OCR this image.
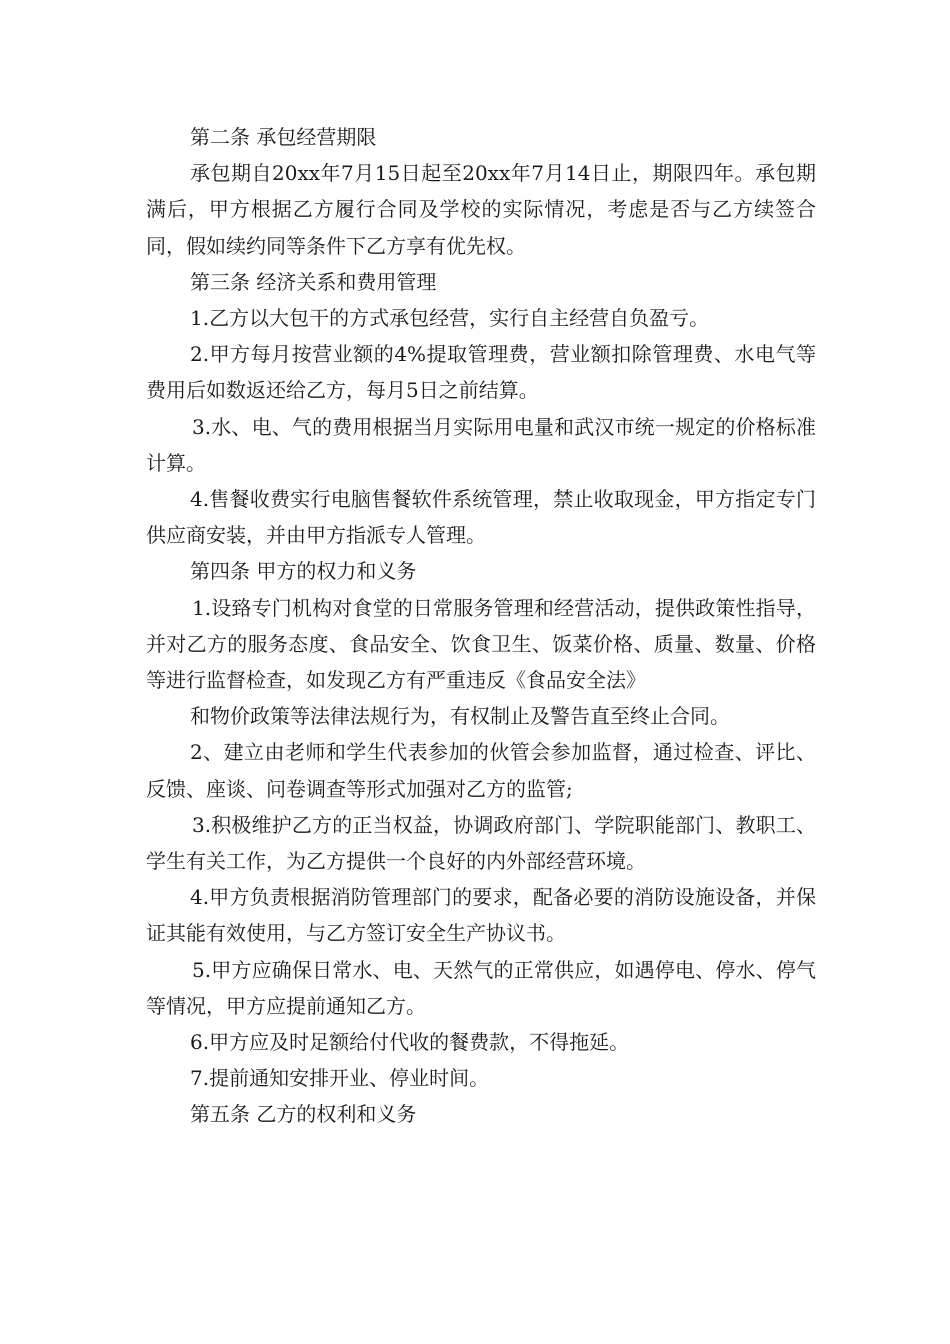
第二条 承包经营期限

承包期自20xx年7月15日起至20xx年7月14日止，期限四年。承包期满后，甲方根据乙方履行合同及学校的实际情况，考虑是否与乙方续签合同，假如续约同等条件下乙方享有优先权。

第三条 经济关系和费用管理

1.乙方以大包干的方式承包经营，实行自主经营自负盈亏。

2.甲方每月按营业额的4%提取管理费，营业额扣除管理费、水电气等费用后如数返还给乙方，每月5日之前结算。

3.水、电、气的费用根据当月实际用电量和武汉市统一规定的价格标准计算。

4.售餐收费实行电脑售餐软件系统管理，禁止收取现金，甲方指定专门供应商安装，并由甲方指派专人管理。

第四条 甲方的权力和义务

1.设臵专门机构对食堂的日常服务管理和经营活动，提供政策性指导，并对乙方的服务态度、食品安全、饮食卫生、饭菜价格、质量、数量、价格等进行监督检查，如发现乙方有严重违反《食品安全法》

和物价政策等法律法规行为，有权制止及警告直至终止合同。

2、建立由老师和学生代表参加的伙管会参加监督，通过检查、评比、反馈、座谈、问卷调查等形式加强对乙方的监管;

3.积极维护乙方的正当权益，协调政府部门、学院职能部门、教职工、学生有关工作，为乙方提供一个良好的内外部经营环境。

4.甲方负责根据消防管理部门的要求，配备必要的消防设施设备，并保证其能有效使用，与乙方签订安全生产协议书。

5.甲方应确保日常水、电、天然气的正常供应，如遇停电、停水、停气等情况，甲方应提前通知乙方。

6.甲方应及时足额给付代收的餐费款，不得拖延。

7.提前通知安排开业、停业时间。

第五条 乙方的权利和义务
